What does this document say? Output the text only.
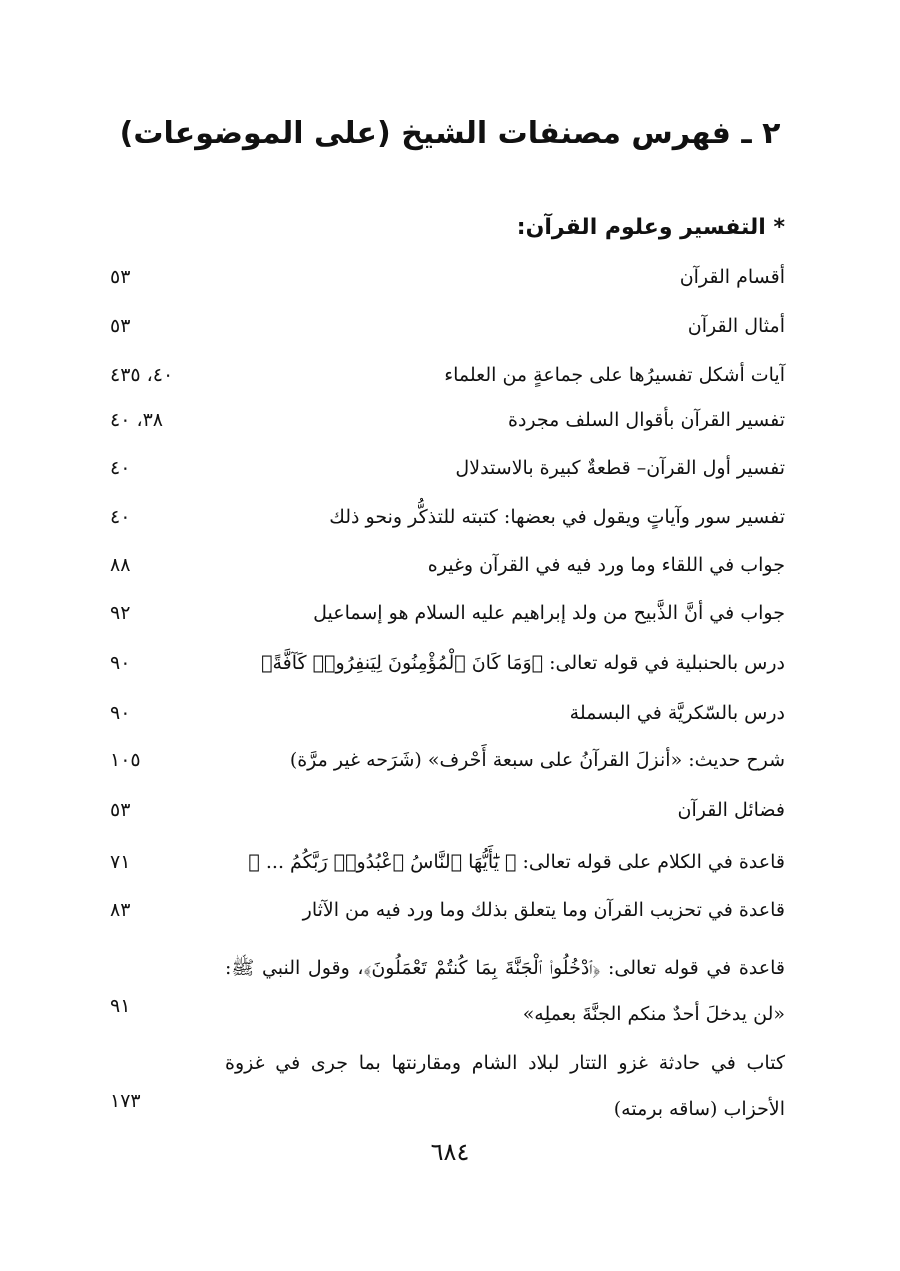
٢ ـ فهرس مصنفات الشيخ (على الموضوعات)
* التفسير وعلوم القرآن:
أقسام القرآن
٥٣
أمثال القرآن
٥٣
آيات أشكل تفسيرُها على جماعةٍ من العلماء
٤٠، ٤٣٥
تفسير القرآن بأقوال السلف مجردة
٣٨، ٤٠
تفسير أول القرآن– قطعةٌ كبيرة بالاستدلال
٤٠
تفسير سور وآياتٍ ويقول في بعضها: كتبته للتذكُّر ونحو ذلك
٤٠
جواب في اللقاء وما ورد فيه في القرآن وغيره
٨٨
جواب في أنَّ الذَّبيح من ولد إبراهيم عليه السلام هو إسماعيل
٩٢
درس بالحنبلية في قوله تعالى: ﴿وَمَا كَانَ ٱلْمُؤْمِنُونَ لِيَنفِرُوا۟ كَآفَّةً﴾
٩٠
درس بالسّكريَّة في البسملة
٩٠
شرح حديث: «أنزلَ القرآنُ على سبعة أَحْرف» (شَرَحه غير مرَّة)
١٠٥
فضائل القرآن
٥٣
قاعدة في الكلام على قوله تعالى: ﴿ يَٰٓأَيُّهَا ٱلنَّاسُ ٱعْبُدُوا۟ رَبَّكُمُ ... ﴾
٧١
قاعدة في تحزيب القرآن وما يتعلق بذلك وما ورد فيه من الآثار
٨٣
قاعدة في قوله تعالى: ﴿ٱدْخُلُوا۟ ٱلْجَنَّةَ بِمَا كُنتُمْ تَعْمَلُونَ﴾، وقول النبي ﷺ: «لن يدخلَ أحدٌ منكم الجنَّةَ بعملِه»
٩١
كتاب في حادثة غزو التتار لبلاد الشام ومقارنتها بما جرى في غزوة الأحزاب (ساقه برمته)
١٧٣
٦٨٤
